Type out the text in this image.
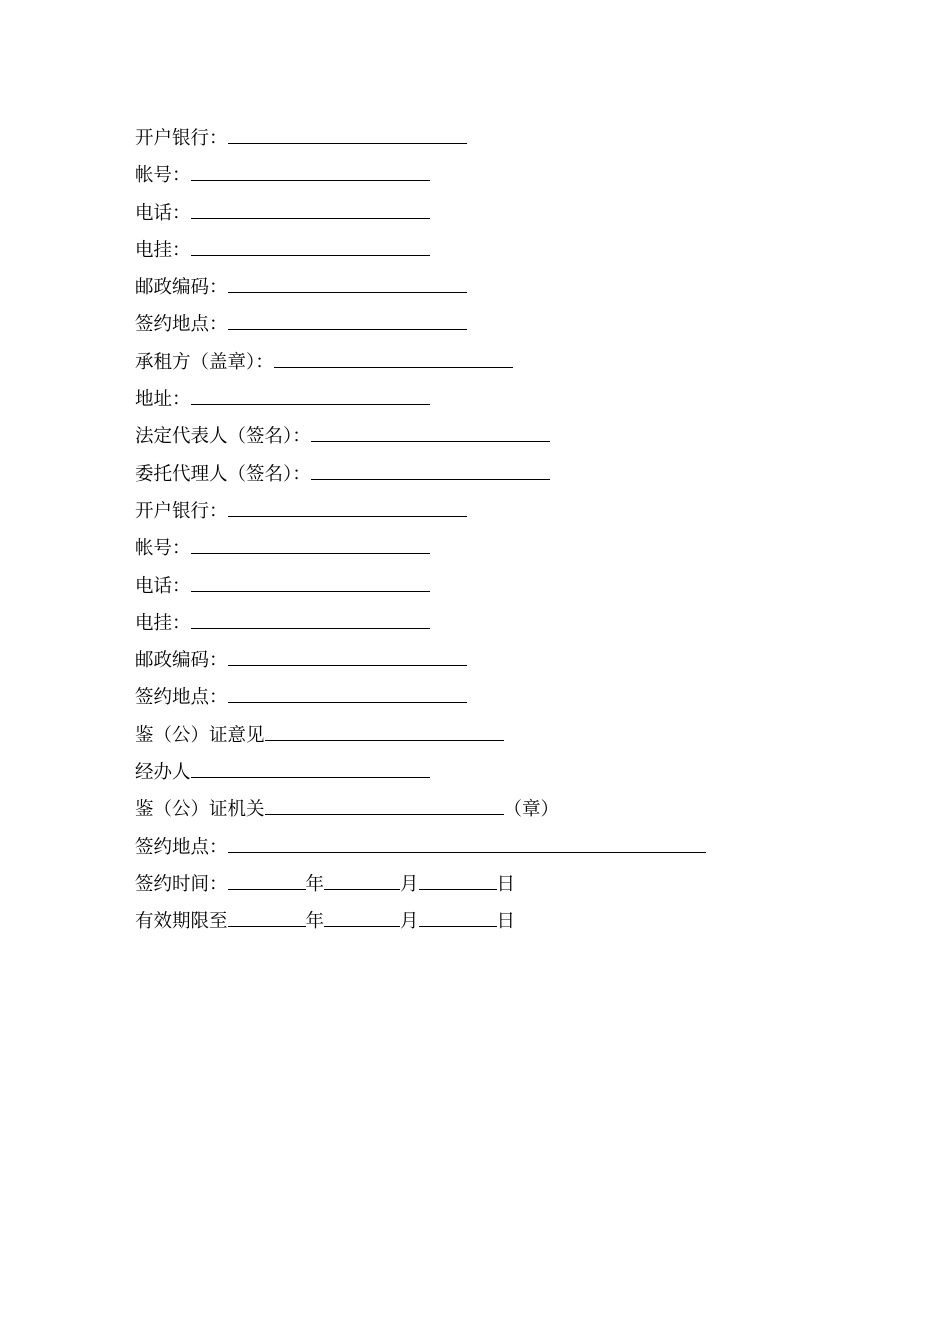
开户银行：
帐号：
电话：
电挂：
邮政编码：
签约地点：
承租方（盖章）：
地址：
法定代表人（签名）：
委托代理人（签名）：
开户银行：
帐号：
电话：
电挂：
邮政编码：
签约地点：
鉴（公）证意见
经办人
鉴（公）证机关	（章）
签约地点：
签约时间：	年	月	日
有效期限至	年	月	日
